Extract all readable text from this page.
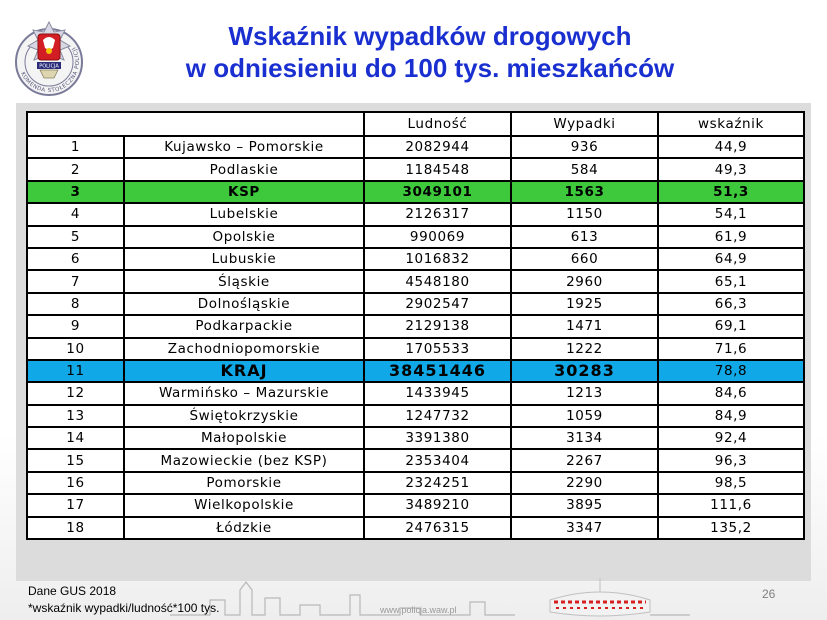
KOMENDA STOŁECZNA POLICJI
POLICJA
Wskaźnik wypadków drogowych
w odniesieniu do 100 tys. mieszkańców
		Ludność	Wypadki	wskaźnik
1	Kujawsko – Pomorskie	2082944	936	44,9
2	Podlaskie	1184548	584	49,3
3	KSP	3049101	1563	51,3
4	Lubelskie	2126317	1150	54,1
5	Opolskie	990069	613	61,9
6	Lubuskie	1016832	660	64,9
7	Śląskie	4548180	2960	65,1
8	Dolnośląskie	2902547	1925	66,3
9	Podkarpackie	2129138	1471	69,1
10	Zachodniopomorskie	1705533	1222	71,6
11	KRAJ	38451446	30283	78,8
12	Warmińsko – Mazurskie	1433945	1213	84,6
13	Świętokrzyskie	1247732	1059	84,9
14	Małopolskie	3391380	3134	92,4
15	Mazowieckie (bez KSP)	2353404	2267	96,3
16	Pomorskie	2324251	2290	98,5
17	Wielkopolskie	3489210	3895	111,6
18	Łódzkie	2476315	3347	135,2
Dane GUS 2018
*wskaźnik wypadki/ludność*100 tys.
26
www.policja.waw.pl
